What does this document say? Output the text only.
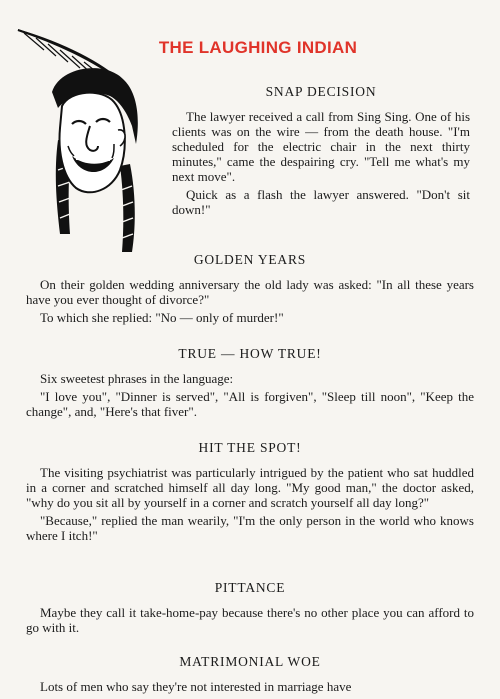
THE LAUGHING INDIAN
SNAP DECISION

The lawyer received a call from Sing Sing. One of his clients was on the wire — from the death house. "I'm scheduled for the electric chair in the next thirty minutes," came the despairing cry. "Tell me what's my next move".

Quick as a flash the lawyer answered. "Don't sit down!"

GOLDEN YEARS

On their golden wedding anniversary the old lady was asked: "In all these years have you ever thought of divorce?"

To which she replied: "No — only of murder!"

TRUE — HOW TRUE!

Six sweetest phrases in the language:

"I love you", "Dinner is served", "All is forgiven", "Sleep till noon", "Keep the change", and, "Here's that fiver".

HIT THE SPOT!

The visiting psychiatrist was particularly intrigued by the patient who sat huddled in a corner and scratched himself all day long. "My good man," the doctor asked, "why do you sit all by yourself in a corner and scratch yourself all day long?"

"Because," replied the man wearily, "I'm the only person in the world who knows where I itch!"

PITTANCE

Maybe they call it take-home-pay because there's no other place you can afford to go with it.

MATRIMONIAL WOE

Lots of men who say they're not interested in marriage have
